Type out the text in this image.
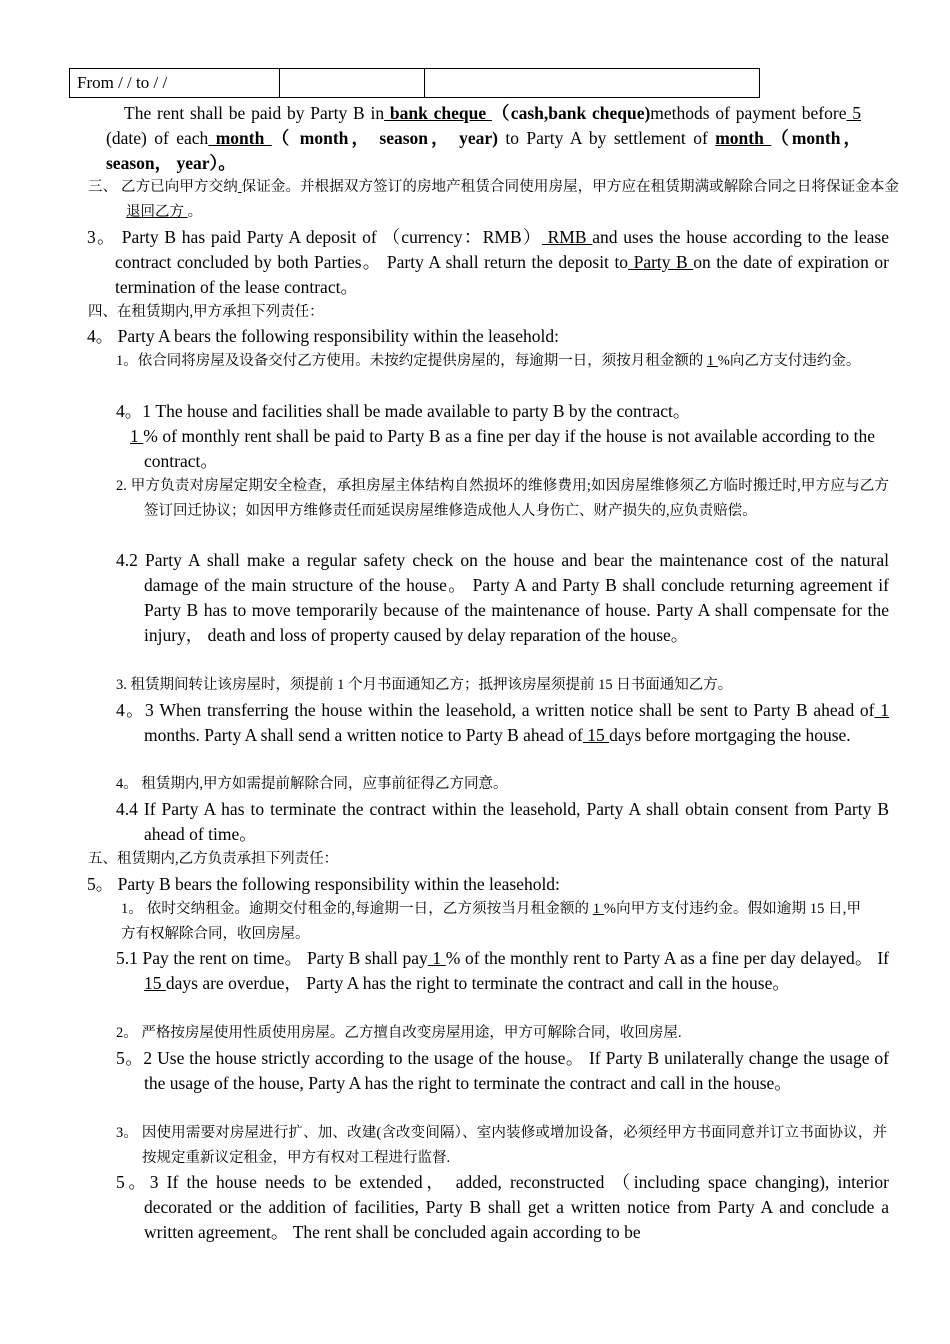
From / / to / /		
The rent shall be paid by Party B in bank cheque （cash,bank cheque)methods of payment before 5 (date) of each month （ month， season， year) to Party A by settlement of month （month， season， year）。
三、 乙方已向甲方交纳 保证金。并根据双方签订的房地产租赁合同使用房屋，甲方应在租赁期满或解除合同之日将保证金本金 退回乙方 。
3。 Party B has paid Party A deposit of （currency：RMB） RMB and uses the house according to the lease contract concluded by both Parties。 Party A shall return the deposit to Party B on the date of expiration or termination of the lease contract。
四、在租赁期内,甲方承担下列责任：
4。 Party A bears the following responsibility within the leasehold:
1。依合同将房屋及设备交付乙方使用。未按约定提供房屋的，每逾期一日，须按月租金额的 1 %向乙方支付违约金。
4。1 The house and facilities shall be made available to party B by the contract。
1 % of monthly rent shall be paid to Party B as a fine per day if the house is not available according to the contract。
2. 甲方负责对房屋定期安全检查，承担房屋主体结构自然损坏的维修费用;如因房屋维修须乙方临时搬迁时,甲方应与乙方签订回迁协议；如因甲方维修责任而延误房屋维修造成他人人身伤亡、财产损失的,应负责赔偿。
4.2 Party A shall make a regular safety check on the house and bear the maintenance cost of the natural damage of the main structure of the house。 Party A and Party B shall conclude returning agreement if Party B has to move temporarily because of the maintenance of house. Party A shall compensate for the injury， death and loss of property caused by delay reparation of the house。
3. 租赁期间转让该房屋时，须提前 1 个月书面通知乙方；抵押该房屋须提前 15 日书面通知乙方。
4。3 When transferring the house within the leasehold, a written notice shall be sent to Party B ahead of 1 months. Party A shall send a written notice to Party B ahead of 15 days before mortgaging the house.
4。 租赁期内,甲方如需提前解除合同，应事前征得乙方同意。
4.4 If Party A has to terminate the contract within the leasehold, Party A shall obtain consent from Party B ahead of time。
五、租赁期内,乙方负责承担下列责任：
5。 Party B bears the following responsibility within the leasehold:
1。 依时交纳租金。逾期交付租金的,每逾期一日，乙方须按当月租金额的 1 %向甲方支付违约金。假如逾期 15 日,甲方有权解除合同，收回房屋。
5.1 Pay the rent on time。 Party B shall pay 1 % of the monthly rent to Party A as a fine per day delayed。 If 15 days are overdue， Party A has the right to terminate the contract and call in the house。
2。 严格按房屋使用性质使用房屋。乙方擅自改变房屋用途，甲方可解除合同，收回房屋.
5。2 Use the house strictly according to the usage of the house。 If Party B unilaterally change the usage of the usage of the house, Party A has the right to terminate the contract and call in the house。
3。 因使用需要对房屋进行扩、加、改建(含改变间隔）、室内装修或增加设备，必须经甲方书面同意并订立书面协议，并按规定重新议定租金，甲方有权对工程进行监督.
5。3 If the house needs to be extended， added, reconstructed （including space changing), interior decorated or the addition of facilities, Party B shall get a written notice from Party A and conclude a written agreement。 The rent shall be concluded again according to be
